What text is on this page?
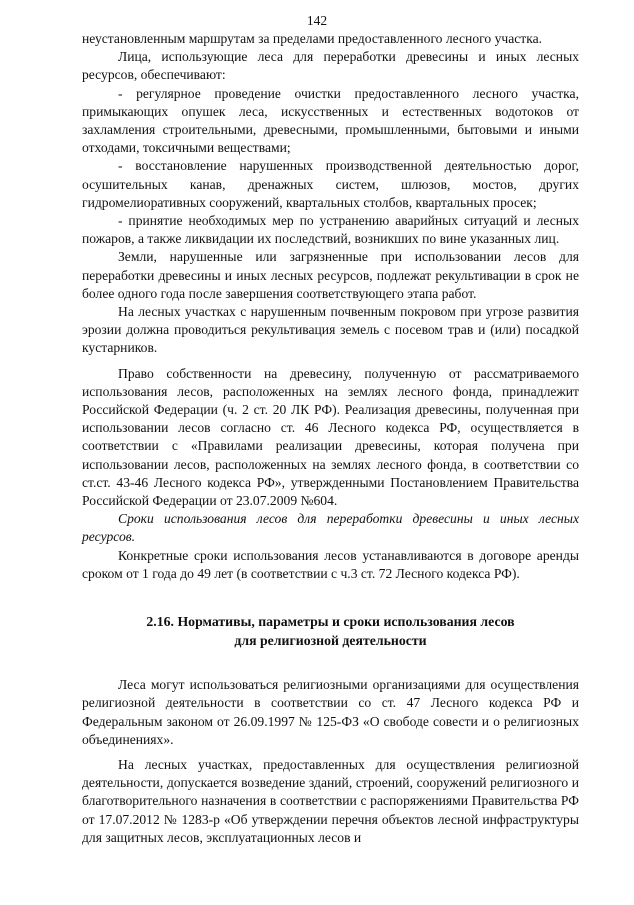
142

неустановленным маршрутам за пределами предоставленного лесного участка.

Лица, использующие леса для переработки древесины и иных лесных ресурсов, обеспечивают:

- регулярное проведение очистки предоставленного лесного участка, примыкающих опушек леса, искусственных и естественных водотоков от захламления строительными, древесными, промышленными, бытовыми и иными отходами, токсичными веществами;

- восстановление нарушенных производственной деятельностью дорог, осушительных канав, дренажных систем, шлюзов, мостов, других гидромелиоративных сооружений, квартальных столбов, квартальных просек;

- принятие необходимых мер по устранению аварийных ситуаций и лесных пожаров, а также ликвидации их последствий, возникших по вине указанных лиц.

Земли, нарушенные или загрязненные при использовании лесов для переработки древесины и иных лесных ресурсов, подлежат рекультивации в срок не более одного года после завершения соответствующего этапа работ.

На лесных участках с нарушенным почвенным покровом при угрозе развития эрозии должна проводиться рекультивация земель с посевом трав и (или) посадкой кустарников.

Право собственности на древесину, полученную от рассматриваемого использования лесов, расположенных на землях лесного фонда, принадлежит Российской Федерации (ч. 2 ст. 20 ЛК РФ). Реализация древесины, полученная при использовании лесов согласно ст. 46 Лесного кодекса РФ, осуществляется в соответствии с «Правилами реализации древесины, которая получена при использовании лесов, расположенных на землях лесного фонда, в соответствии со ст.ст. 43-46 Лесного кодекса РФ», утвержденными Постановлением Правительства Российской Федерации от 23.07.2009 №604.

Сроки использования лесов для переработки древесины и иных лесных ресурсов.

Конкретные сроки использования лесов устанавливаются в договоре аренды сроком от 1 года до 49 лет (в соответствии с ч.3 ст. 72 Лесного кодекса РФ).

2.16. Нормативы, параметры и сроки использования лесов
для религиозной деятельности

Леса могут использоваться религиозными организациями для осуществления религиозной деятельности в соответствии со ст. 47 Лесного кодекса РФ и Федеральным законом от 26.09.1997 № 125-ФЗ «О свободе совести и о религиозных объединениях».

На лесных участках, предоставленных для осуществления религиозной деятельности, допускается возведение зданий, строений, сооружений религиозного и благотворительного назначения в соответствии с распоряжениями Правительства РФ от 17.07.2012 № 1283-р «Об утверждении перечня объектов лесной инфраструктуры для защитных лесов, эксплуатационных лесов и
